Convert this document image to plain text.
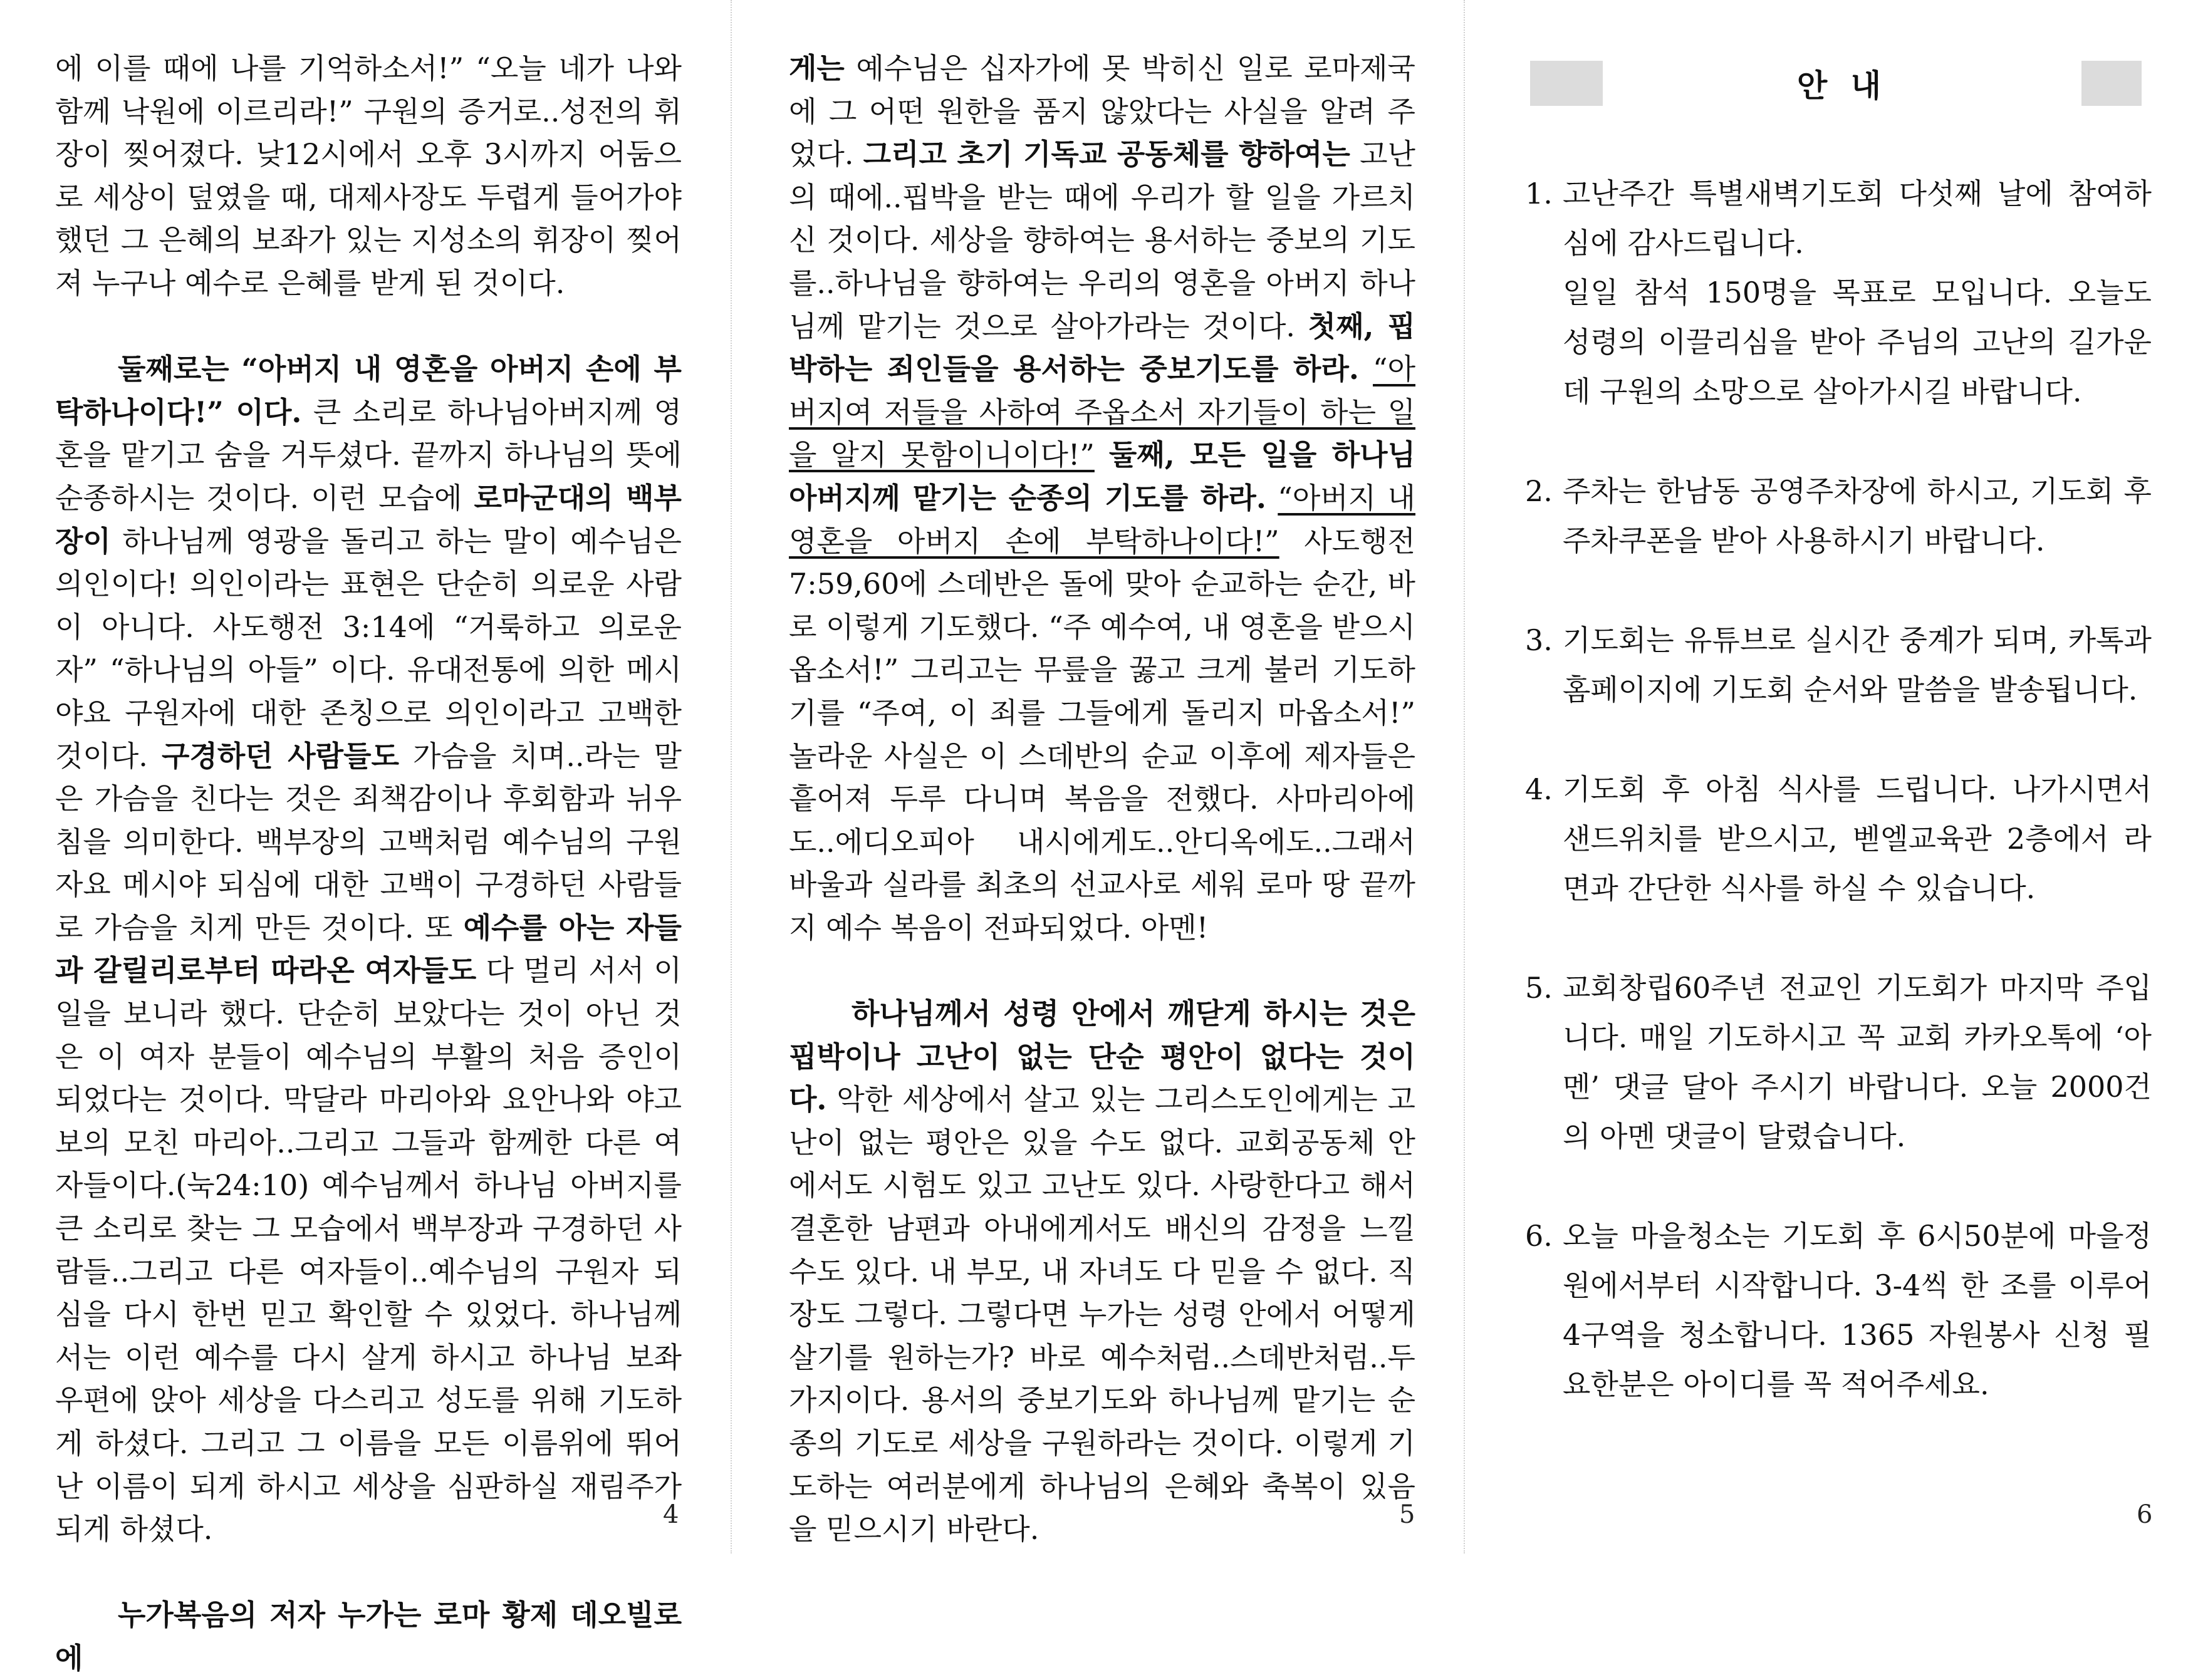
에 이를 때에 나를 기억하소서!” “오늘 네가 나와 함께 낙원에 이르리라!” 구원의 증거로..성전의 휘장이 찢어졌다. 낮12시에서 오후 3시까지 어둠으로 세상이 덮였을 때, 대제사장도 두렵게 들어가야 했던 그 은혜의 보좌가 있는 지성소의 휘장이 찢어져 누구나 예수로 은혜를 받게 된 것이다.

둘째로는 “아버지 내 영혼을 아버지 손에 부탁하나이다!” 이다. 큰 소리로 하나님아버지께 영혼을 맡기고 숨을 거두셨다. 끝까지 하나님의 뜻에 순종하시는 것이다. 이런 모습에 로마군대의 백부장이 하나님께 영광을 돌리고 하는 말이 예수님은 의인이다! 의인이라는 표현은 단순히 의로운 사람이 아니다. 사도행전 3:14에 “거룩하고 의로운 자” “하나님의 아들” 이다. 유대전통에 의한 메시야요 구원자에 대한 존칭으로 의인이라고 고백한 것이다. 구경하던 사람들도 가슴을 치며..라는 말은 가슴을 친다는 것은 죄책감이나 후회함과 뉘우침을 의미한다. 백부장의 고백처럼 예수님의 구원자요 메시야 되심에 대한 고백이 구경하던 사람들로 가슴을 치게 만든 것이다. 또 예수를 아는 자들과 갈릴리로부터 따라온 여자들도 다 멀리 서서 이 일을 보니라 했다. 단순히 보았다는 것이 아닌 것은 이 여자 분들이 예수님의 부활의 처음 증인이 되었다는 것이다. 막달라 마리아와 요안나와 야고보의 모친 마리아..그리고 그들과 함께한 다른 여자들이다.(눅24:10) 예수님께서 하나님 아버지를 큰 소리로 찾는 그 모습에서 백부장과 구경하던 사람들..그리고 다른 여자들이..예수님의 구원자 되심을 다시 한번 믿고 확인할 수 있었다. 하나님께서는 이런 예수를 다시 살게 하시고 하나님 보좌 우편에 앉아 세상을 다스리고 성도를 위해 기도하게 하셨다. 그리고 그 이름을 모든 이름위에 뛰어난 이름이 되게 하시고 세상을 심판하실 재림주가 되게 하셨다.

누가복음의 저자 누가는 로마 황제 데오빌로에

4

게는 예수님은 십자가에 못 박히신 일로 로마제국에 그 어떤 원한을 품지 않았다는 사실을 알려 주었다. 그리고 초기 기독교 공동체를 향하여는 고난의 때에..핍박을 받는 때에 우리가 할 일을 가르치신 것이다. 세상을 향하여는 용서하는 중보의 기도를..하나님을 향하여는 우리의 영혼을 아버지 하나님께 맡기는 것으로 살아가라는 것이다. 첫째, 핍박하는 죄인들을 용서하는 중보기도를 하라. “아버지여 저들을 사하여 주옵소서 자기들이 하는 일을 알지 못함이니이다!” 둘째, 모든 일을 하나님 아버지께 맡기는 순종의 기도를 하라. “아버지 내 영혼을 아버지 손에 부탁하나이다!” 사도행전 7:59,60에 스데반은 돌에 맞아 순교하는 순간, 바로 이렇게 기도했다. “주 예수여, 내 영혼을 받으시옵소서!” 그리고는 무릎을 꿇고 크게 불러 기도하기를 “주여, 이 죄를 그들에게 돌리지 마옵소서!” 놀라운 사실은 이 스데반의 순교 이후에 제자들은 흩어져 두루 다니며 복음을 전했다. 사마리아에도..에디오피아 내시에게도..안디옥에도..그래서 바울과 실라를 최초의 선교사로 세워 로마 땅 끝까지 예수 복음이 전파되었다. 아멘!

하나님께서 성령 안에서 깨닫게 하시는 것은 핍박이나 고난이 없는 단순 평안이 없다는 것이다. 악한 세상에서 살고 있는 그리스도인에게는 고난이 없는 평안은 있을 수도 없다. 교회공동체 안에서도 시험도 있고 고난도 있다. 사랑한다고 해서 결혼한 남편과 아내에게서도 배신의 감정을 느낄 수도 있다. 내 부모, 내 자녀도 다 믿을 수 없다. 직장도 그렇다. 그렇다면 누가는 성령 안에서 어떻게 살기를 원하는가? 바로 예수처럼..스데반처럼..두 가지이다. 용서의 중보기도와 하나님께 맡기는 순종의 기도로 세상을 구원하라는 것이다. 이렇게 기도하는 여러분에게 하나님의 은혜와 축복이 있음을 믿으시기 바란다.	5
안 내
1. 고난주간 특별새벽기도회 다섯째 날에 참여하심에 감사드립니다.

일일 참석 150명을 목표로 모입니다. 오늘도 성령의 이끌리심을 받아 주님의 고난의 길가운데 구원의 소망으로 살아가시길 바랍니다.

2. 주차는 한남동 공영주차장에 하시고, 기도회 후 주차쿠폰을 받아 사용하시기 바랍니다.

3. 기도회는 유튜브로 실시간 중계가 되며, 카톡과 홈페이지에 기도회 순서와 말씀을 발송됩니다.

4. 기도회 후 아침 식사를 드립니다. 나가시면서 샌드위치를 받으시고, 벧엘교육관 2층에서 라면과 간단한 식사를 하실 수 있습니다.

5. 교회창립60주년 전교인 기도회가 마지막 주입니다. 매일 기도하시고 꼭 교회 카카오톡에 ‘아멘’ 댓글 달아 주시기 바랍니다. 오늘 2000건의 아멘 댓글이 달렸습니다.

6. 오늘 마을청소는 기도회 후 6시50분에 마을정원에서부터 시작합니다. 3-4씩 한 조를 이루어 4구역을 청소합니다. 1365 자원봉사 신청 필요한분은 아이디를 꼭 적어주세요.

6
